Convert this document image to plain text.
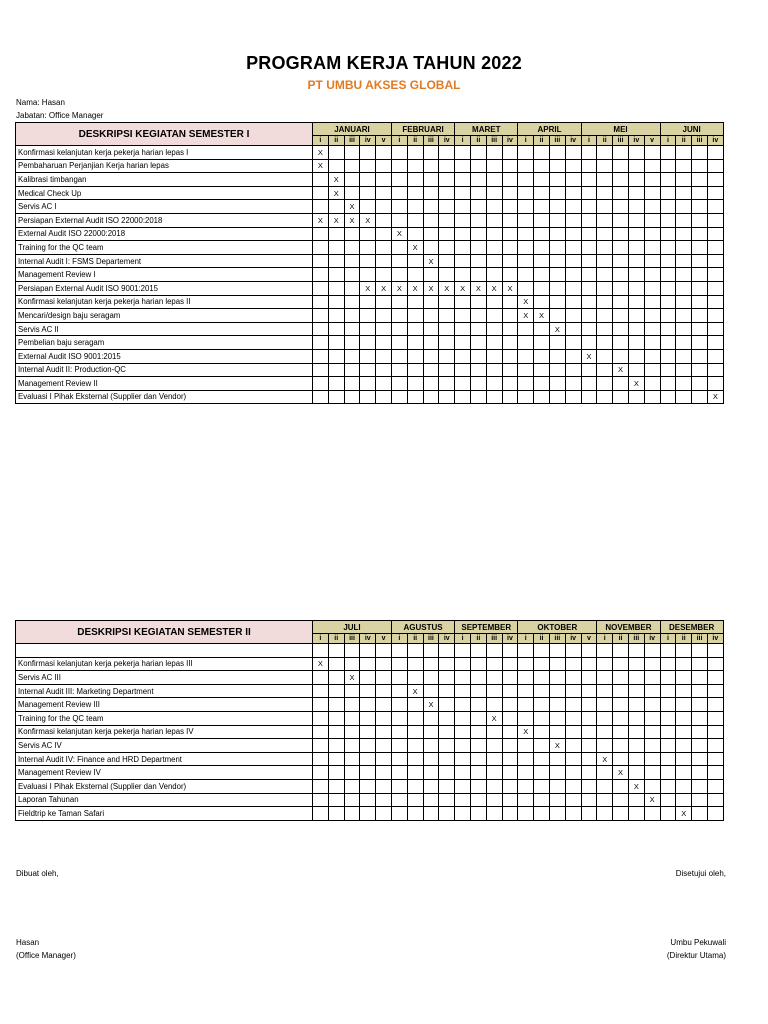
PROGRAM KERJA TAHUN 2022
PT UMBU AKSES GLOBAL
Nama: Hasan
Jabatan: Office Manager
DESKRIPSI KEGIATAN SEMESTER I	JANUARI					FEBRUARI				MARET				APRIL				MEI					JUNI			
	i	ii	iii	iv	v	i	ii	iii	iv	i	ii	iii	iv	i	ii	iii	iv	i	ii	iii	iv	v	i	ii	iii	iv
Konfirmasi kelanjutan kerja pekerja harian lepas I	X																									
Pembaharuan Perjanjian Kerja harian lepas	X																									
Kalibrasi timbangan		X																								
Medical Check Up		X																								
Servis AC I			X																							
Persiapan External Audit ISO 22000:2018	X	X	X	X																						
External Audit ISO 22000:2018						X																				
Training for the QC team							X																			
Internal Audit I: FSMS Departement								X																		
Management Review I																										
Persiapan External Audit ISO 9001:2015				X	X	X	X	X	X	X	X	X	X													
Konfirmasi kelanjutan kerja pekerja harian lepas II														X												
Mencari/design baju seragam														X	X											
Servis AC II																X										
Pembelian baju seragam																										
External Audit ISO 9001:2015																		X								
Internal Audit II: Production-QC																				X						
Management Review II																					X					
Evaluasi I Pihak Eksternal (Supplier dan Vendor)																										X
DESKRIPSI KEGIATAN SEMESTER II	JULI					AGUSTUS				SEPTEMBER				OKTOBER					NOVEMBER				DESEMBER			
	i	ii	iii	iv	v	i	ii	iii	iv	i	ii	iii	iv	i	ii	iii	iv	v	i	ii	iii	iv	i	ii	iii	iv

Konfirmasi kelanjutan kerja pekerja harian lepas III	X																									
Servis AC III			X																							
Internal Audit III: Marketing Department							X																			
Management Review III								X																		
Training for the QC team												X														
Konfirmasi kelanjutan kerja pekerja harian lepas IV														X												
Servis AC IV																X										
Internal Audit IV: Finance and HRD Department																			X							
Management Review IV																				X						
Evaluasi I Pihak Eksternal (Supplier dan Vendor)																					X					
Laporan Tahunan																						X				
Fieldtrip ke Taman Safari																								X		
Dibuat oleh,	Disetujui oleh,
Hasan
(Office Manager)
Umbu Pekuwali
(Direktur Utama)
